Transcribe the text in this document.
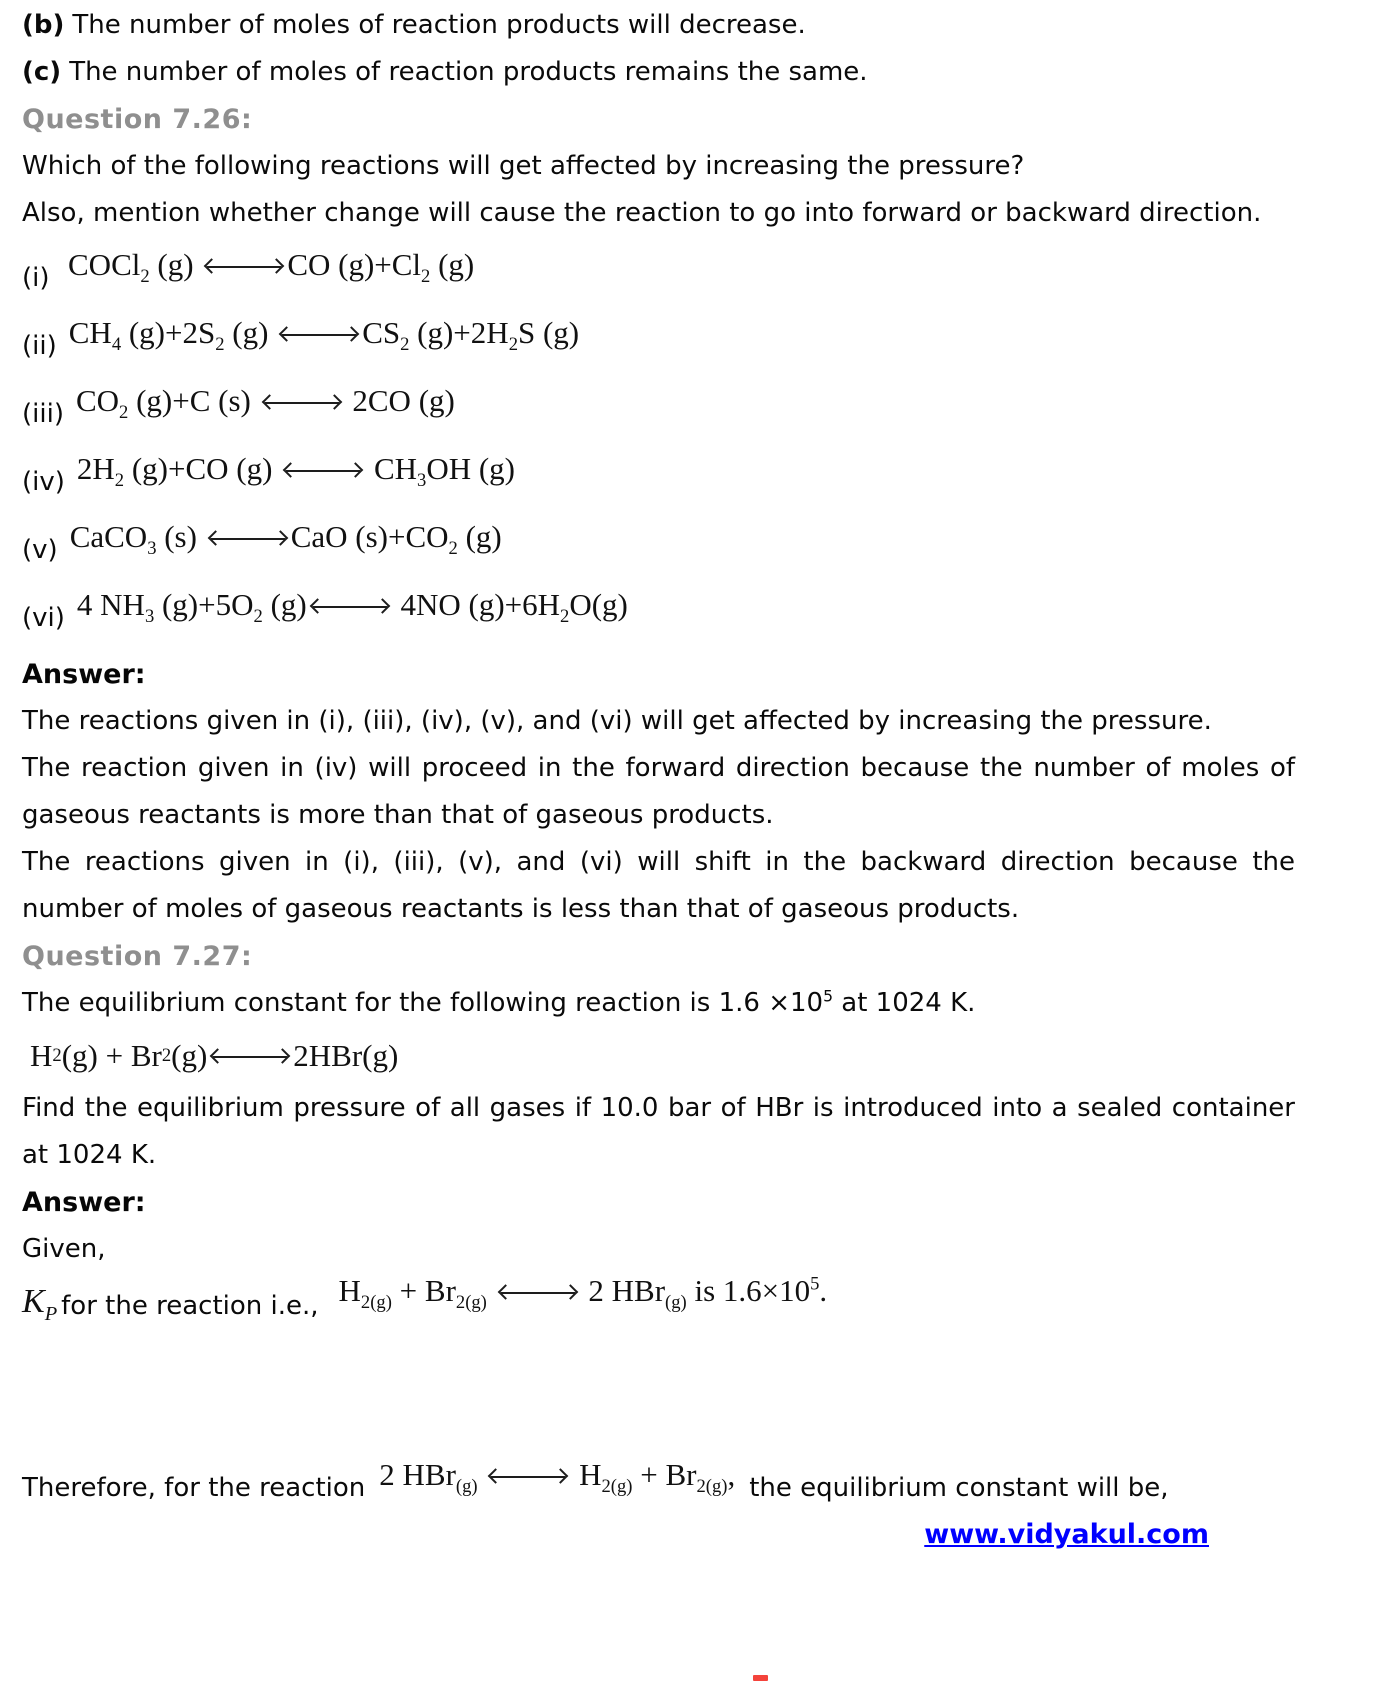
(b) The number of moles of reaction products will decrease.

(c) The number of moles of reaction products remains the same.

Question 7.26:

Which of the following reactions will get affected by increasing the pressure?

Also, mention whether change will cause the reaction to go into forward or backward direction.

(i) COCl$_2$ (g) → CO $(g)+Cl_2$ (g)
(ii) $CH_4$ $(g)+2S_2$ $(g) \to CS_2$ $(g)+2H_2S$ (g)
(iii) $CO_2$ (g)+C (s) → 2CO (g)
(iv) $2H_2$ (g)+CO $(g) \to CH_3OH$ (g)
(v) CaCO$_3$ (s) → CaO $(s)+CO_2$ (g)
(vi) 4 $NH_3$ $(g)+5O_2$ (g) → 4NO $(g)+6H_2O(g)$
Answer:

The reactions given in (i), (iii), (iv), (v), and (vi) will get affected by increasing the pressure.

The reaction given in (iv) will proceed in the forward direction because the number of moles of gaseous reactants is more than that of gaseous products.

The reactions given in (i), (iii), (v), and (vi) will shift in the backward direction because the number of moles of gaseous reactants is less than that of gaseous products.

Question 7.27:

The equilibrium constant for the following reaction is $1.6 \times 10^5$ at 1024 K.

H 2 (g) + Br 2 (g) → 2HBr(g)

Find the equilibrium pressure of all gases if 10.0 bar of HBr is introduced into a sealed container at 1024 K.

Answer:

Given,

$K_P$ for the reaction i.e., $H_{2(g)} + Br_{2(g)} \to 2$ HBr$_{(g)}$ is $1.6\times 10^5$.
Therefore, for the reaction 2 $HBr_{(g)} \to H_{2(g)} + Br_{2(g)}$, the equilibrium constant will be,
www.vidyakul.com
